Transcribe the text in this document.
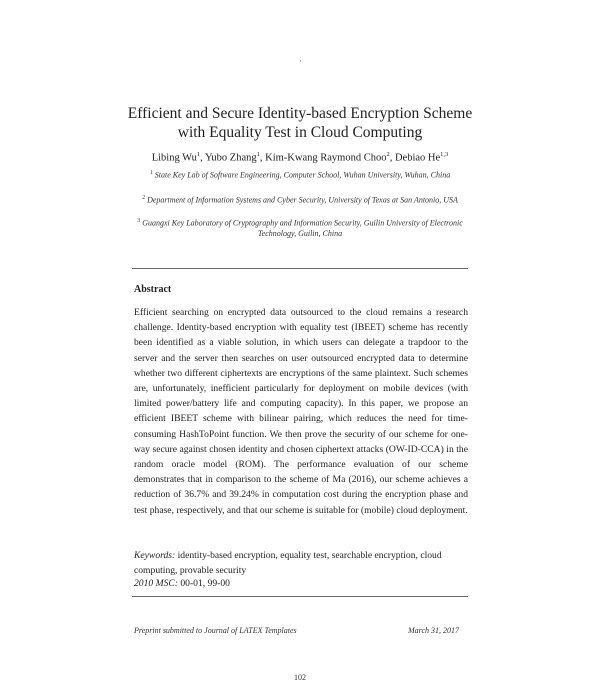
·
Efficient and Secure Identity-based Encryption Scheme
with Equality Test in Cloud Computing
Libing Wu$^1$, Yubo Zhang$^1$, Kim-Kwang Raymond Choo$^2$, Debiao He$^{1,3}$
$^1$ State Key Lab of Software Engineering, Computer School, Wuhan University, Wuhan, China
$^2$ Department of Information Systems and Cyber Security, University of Texas at San Antonio, USA
$^3$ Guangxi Key Laboratory of Cryptography and Information Security, Guilin University of Electronic Technology, Guilin, China
Abstract
Efficient searching on encrypted data outsourced to the cloud remains a research challenge. Identity-based encryption with equality test (IBEET) scheme has recently been identified as a viable solution, in which users can delegate a trapdoor to the server and the server then searches on user outsourced encrypted data to determine whether two different ciphertexts are encryptions of the same plaintext. Such schemes are, unfortunately, inefficient particularly for deployment on mobile devices (with limited power/battery life and computing capacity). In this paper, we propose an efficient IBEET scheme with bilinear pairing, which reduces the need for time-consuming HashToPoint function. We then prove the security of our scheme for one-way secure against chosen identity and chosen ciphertext attacks (OW-ID-CCA) in the random oracle model (ROM). The performance evaluation of our scheme demonstrates that in comparison to the scheme of Ma (2016), our scheme achieves a reduction of 36.7% and 39.24% in computation cost during the encryption phase and test phase, respectively, and that our scheme is suitable for (mobile) cloud deployment.
Keywords: identity-based encryption, equality test, searchable encryption, cloud computing, provable security
2010 MSC: 00-01, 99-00
Preprint submitted to Journal of LATEX Templates	March 31, 2017
102
